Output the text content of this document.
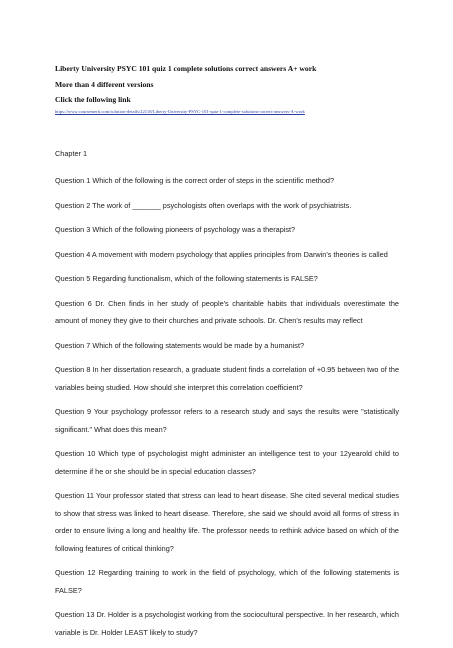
Liberty University PSYC 101 quiz 1 complete solutions correct answers A+ work
More than 4 different versions
Click the following link
https://www.coursemerit.com/solution-details/22118/Liberty-University-PSYC-101-quiz-1-complete-solutions-correct-answers-A-work
Chapter 1

Question 1 Which of the following is the correct order of steps in the scientific method?

Question 2 The work of _______ psychologists often overlaps with the work of psychiatrists.

Question 3 Which of the following pioneers of psychology was a therapist?

Question 4 A movement with modern psychology that applies principles from Darwin's theories is called

Question 5 Regarding functionalism, which of the following statements is FALSE?

Question 6 Dr. Chen finds in her study of people's charitable habits that individuals overestimate the amount of money they give to their churches and private schools. Dr. Chen's results may reflect

Question 7 Which of the following statements would be made by a humanist?

Question 8 In her dissertation research, a graduate student finds a correlation of +0.95 between two of the variables being studied. How should she interpret this correlation coefficient?

Question 9 Your psychology professor refers to a research study and says the results were "statistically significant." What does this mean?

Question 10 Which type of psychologist might administer an intelligence test to your 12yearold child to determine if he or she should be in special education classes?

Question 11 Your professor stated that stress can lead to heart disease. She cited several medical studies to show that stress was linked to heart disease. Therefore, she said we should avoid all forms of stress in order to ensure living a long and healthy life. The professor needs to rethink advice based on which of the following features of critical thinking?

Question 12 Regarding training to work in the field of psychology, which of the following statements is FALSE?

Question 13 Dr. Holder is a psychologist working from the sociocultural perspective. In her research, which variable is Dr. Holder LEAST likely to study?
